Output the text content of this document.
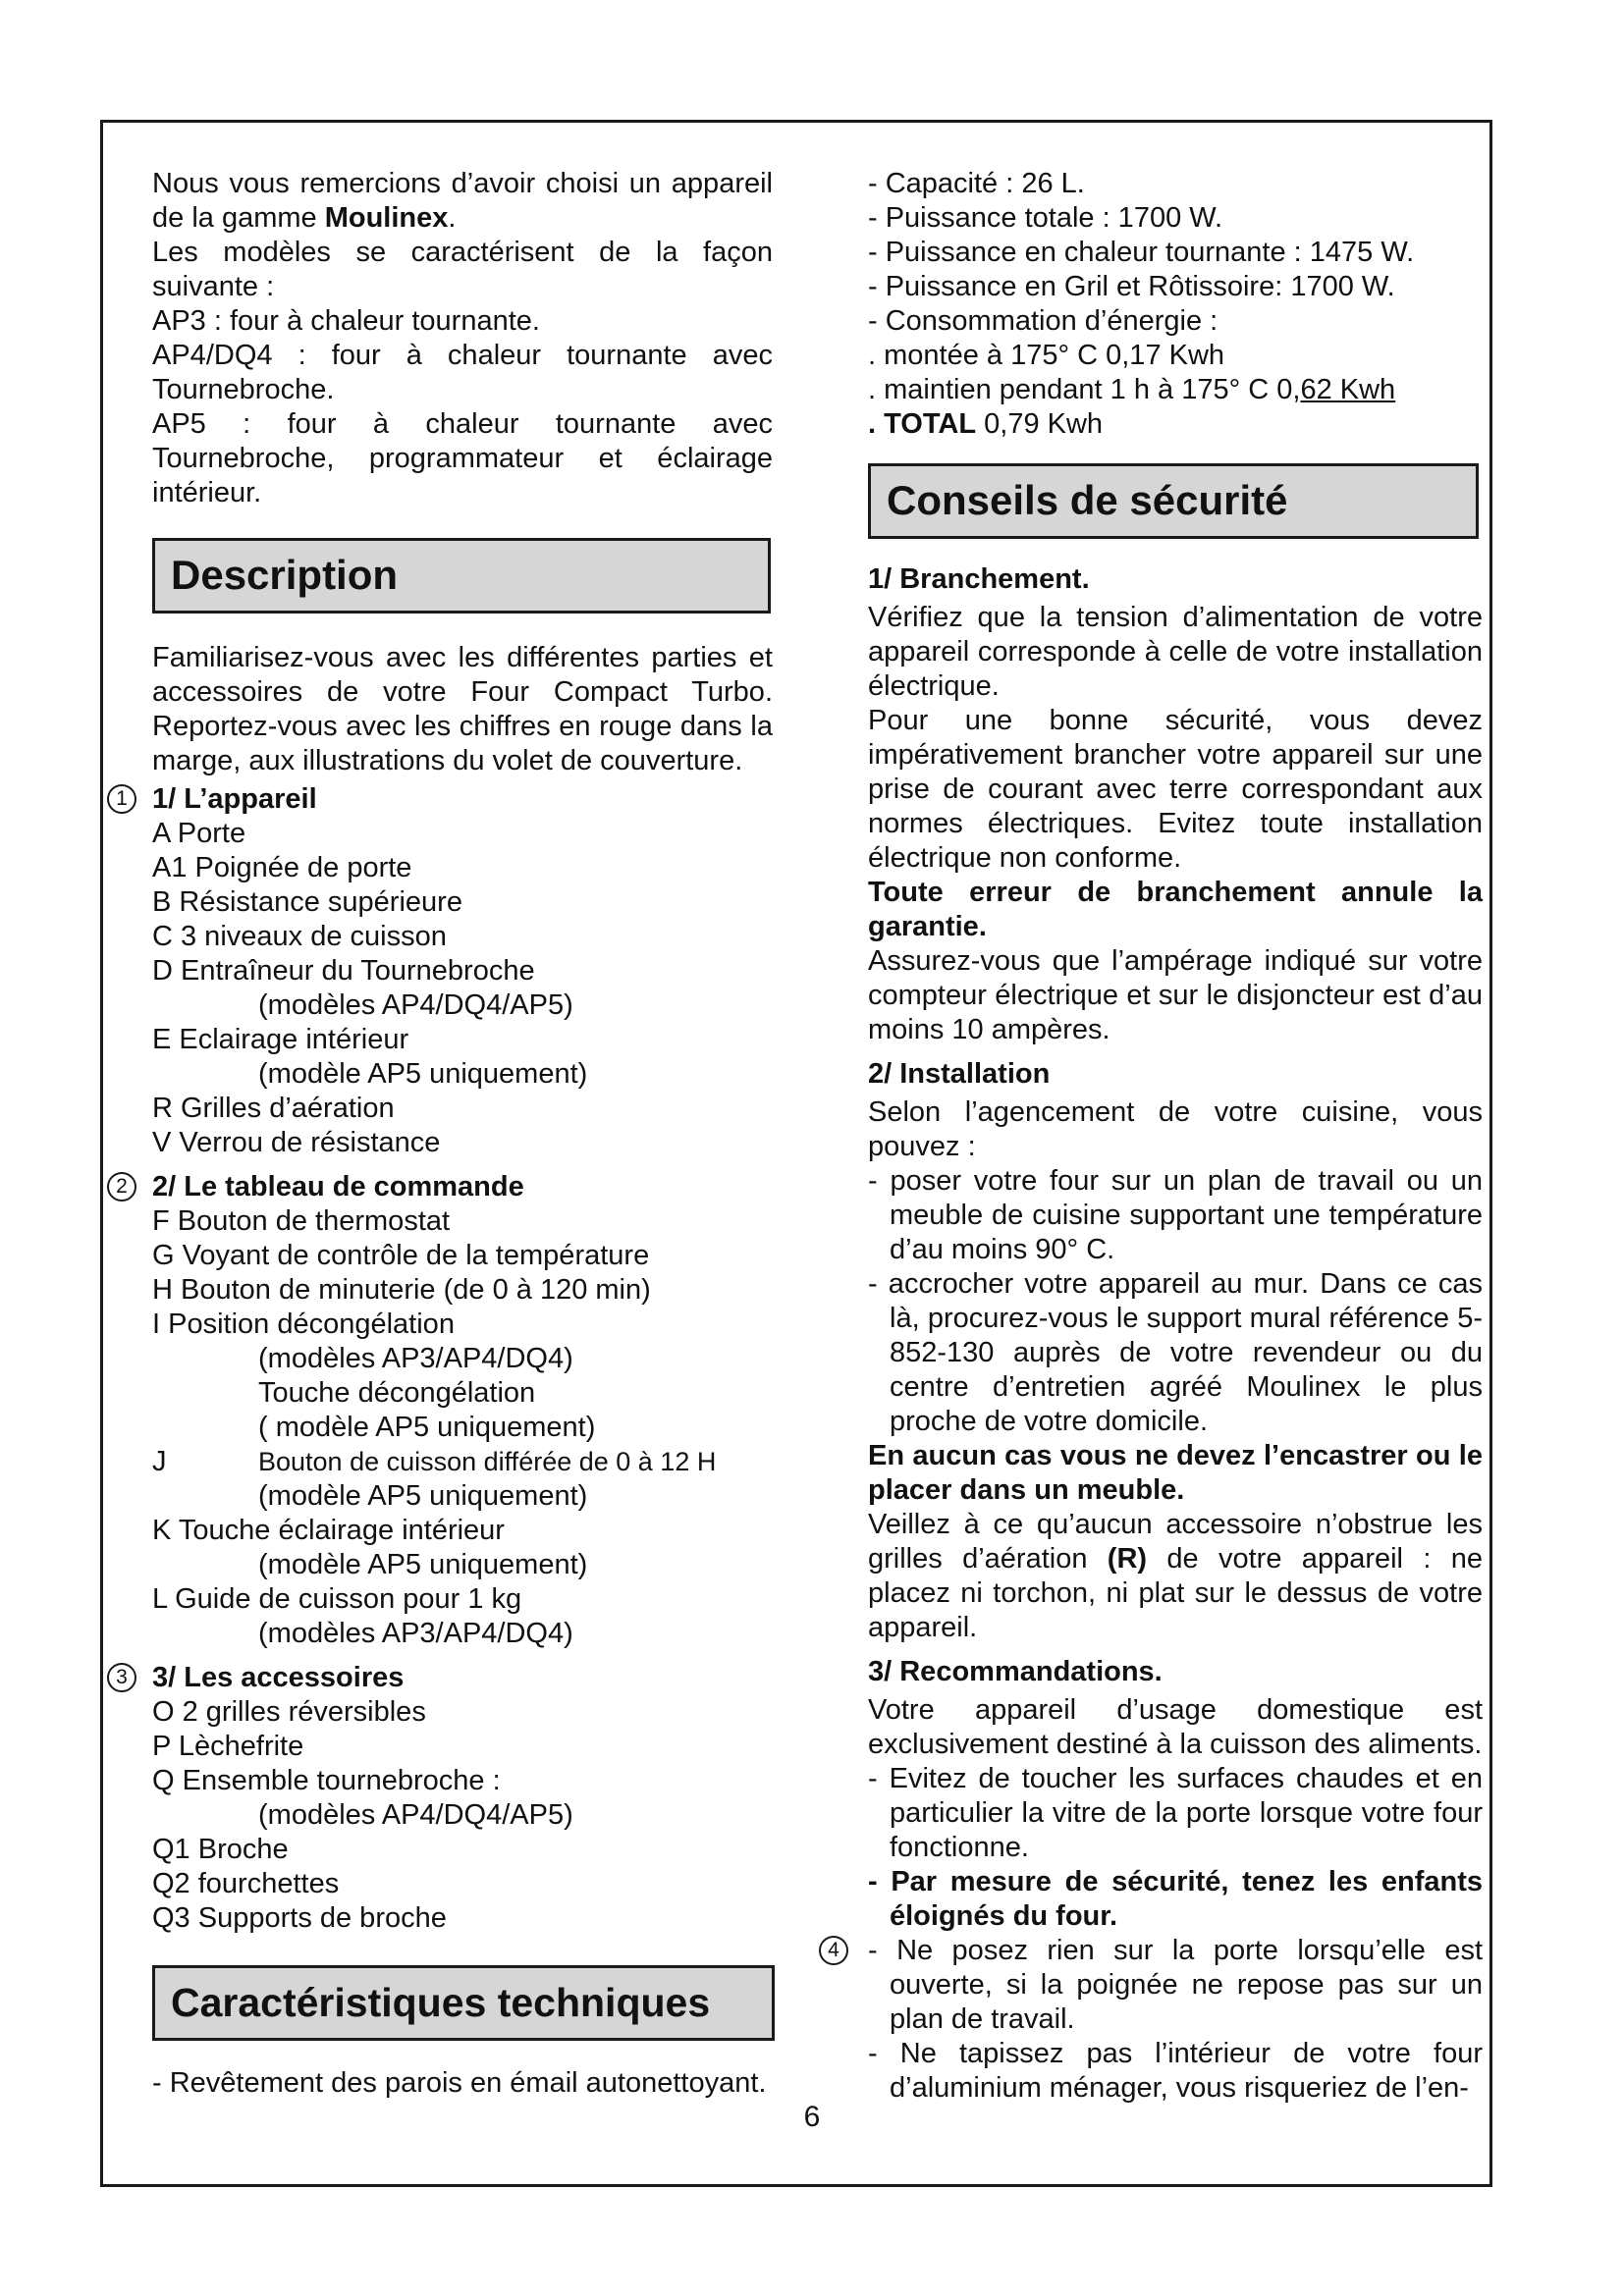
Nous vous remercions d’avoir choisi un appareil de la gamme Moulinex.

Les modèles se caractérisent de la façon suivante :

AP3 : four à chaleur tournante.

AP4/DQ4 : four à chaleur tournante avec Tournebroche.

AP5 : four à chaleur tournante avec Tournebroche, programmateur et éclairage intérieur.

Description

Familiarisez-vous avec les différentes parties et accessoires de votre Four Compact Turbo. Reportez-vous avec les chiffres en rouge dans la marge, aux illustrations du volet de couverture.

1 1/ L’appareil

A Porte

A1 Poignée de porte

B Résistance supérieure

C 3 niveaux de cuisson

D Entraîneur du Tournebroche

(modèles AP4/DQ4/AP5)

E Eclairage intérieur

(modèle AP5 uniquement)

R Grilles d’aération

V Verrou de résistance

2 2/ Le tableau de commande

F Bouton de thermostat

G Voyant de contrôle de la température

H Bouton de minuterie (de 0 à 120 min)

I Position décongélation

(modèles AP3/AP4/DQ4)

Touche décongélation

( modèle AP5 uniquement)

J	Bouton de cuisson différée de 0 à 12 H

(modèle AP5 uniquement)

K Touche éclairage intérieur

(modèle AP5 uniquement)

L Guide de cuisson pour 1 kg

(modèles AP3/AP4/DQ4)

3 3/ Les accessoires

O 2 grilles réversibles

P Lèchefrite

Q Ensemble tournebroche :

(modèles AP4/DQ4/AP5)

Q1 Broche

Q2 fourchettes

Q3 Supports de broche

Caractéristiques techniques

- Revêtement des parois en émail autonettoyant.

- Capacité : 26 L.

- Puissance totale : 1700 W.

- Puissance en chaleur tournante : 1475 W.

- Puissance en Gril et Rôtissoire: 1700 W.

- Consommation d’énergie :

. montée à 175° C 0,17 Kwh

. maintien pendant 1 h à 175° C 0,62 Kwh

. TOTAL 0,79 Kwh

Conseils de sécurité

1/ Branchement.

Vérifiez que la tension d’alimentation de votre appareil corresponde à celle de votre installation électrique.

Pour une bonne sécurité, vous devez impérativement brancher votre appareil sur une prise de courant avec terre correspondant aux normes électriques. Evitez toute installation électrique non conforme.

Toute erreur de branchement annule la garantie.

Assurez-vous que l’ampérage indiqué sur votre compteur électrique et sur le disjoncteur est d’au moins 10 ampères.

2/ Installation

Selon l’agencement de votre cuisine, vous pouvez :

- poser votre four sur un plan de travail ou un meuble de cuisine supportant une température d’au moins 90° C.

- accrocher votre appareil au mur. Dans ce cas là, procurez-vous le support mural référence 5-852-130 auprès de votre revendeur ou du centre d’entretien agréé Moulinex le plus proche de votre domicile.

En aucun cas vous ne devez l’encastrer ou le placer dans un meuble.

Veillez à ce qu’aucun accessoire n’obstrue les grilles d’aération (R) de votre appareil : ne placez ni torchon, ni plat sur le dessus de votre appareil.

3/ Recommandations.

Votre appareil d’usage domestique est exclusivement destiné à la cuisson des aliments.

- Evitez de toucher les surfaces chaudes et en particulier la vitre de la porte lorsque votre four fonctionne.

- Par mesure de sécurité, tenez les enfants éloignés du four.

4	- Ne posez rien sur la porte lorsqu’elle est ouverte, si la poignée ne repose pas sur un plan de travail.

- Ne tapissez pas l’intérieur de votre four d’aluminium ménager, vous risqueriez de l’en-

6
